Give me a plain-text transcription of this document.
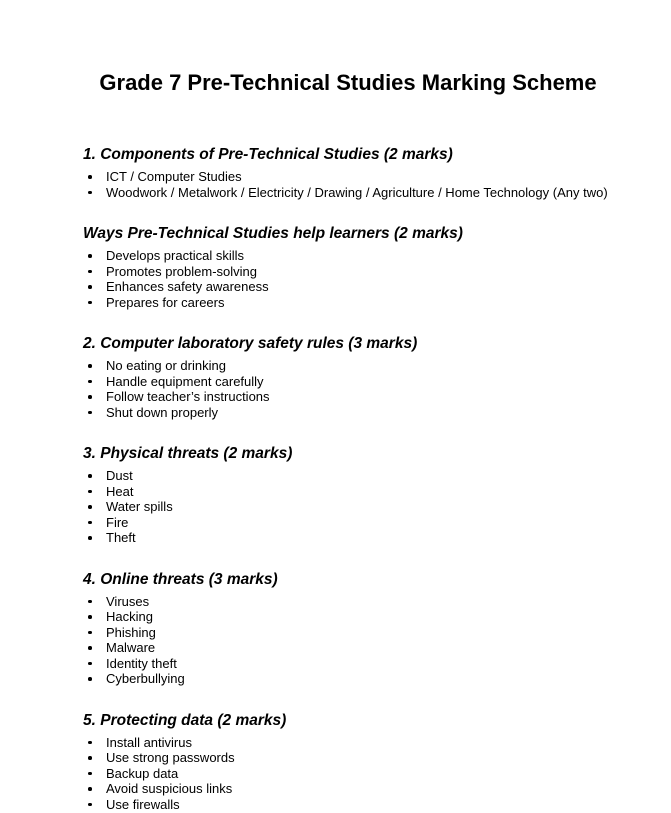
Grade 7 Pre-Technical Studies Marking Scheme
1. Components of Pre-Technical Studies (2 marks)
ICT / Computer Studies
Woodwork / Metalwork / Electricity / Drawing / Agriculture / Home Technology (Any two)
Ways Pre-Technical Studies help learners (2 marks)
Develops practical skills
Promotes problem-solving
Enhances safety awareness
Prepares for careers
2. Computer laboratory safety rules (3 marks)
No eating or drinking
Handle equipment carefully
Follow teacher’s instructions
Shut down properly
3. Physical threats (2 marks)
Dust
Heat
Water spills
Fire
Theft
4. Online threats (3 marks)
Viruses
Hacking
Phishing
Malware
Identity theft
Cyberbullying
5. Protecting data (2 marks)
Install antivirus
Use strong passwords
Backup data
Avoid suspicious links
Use firewalls
